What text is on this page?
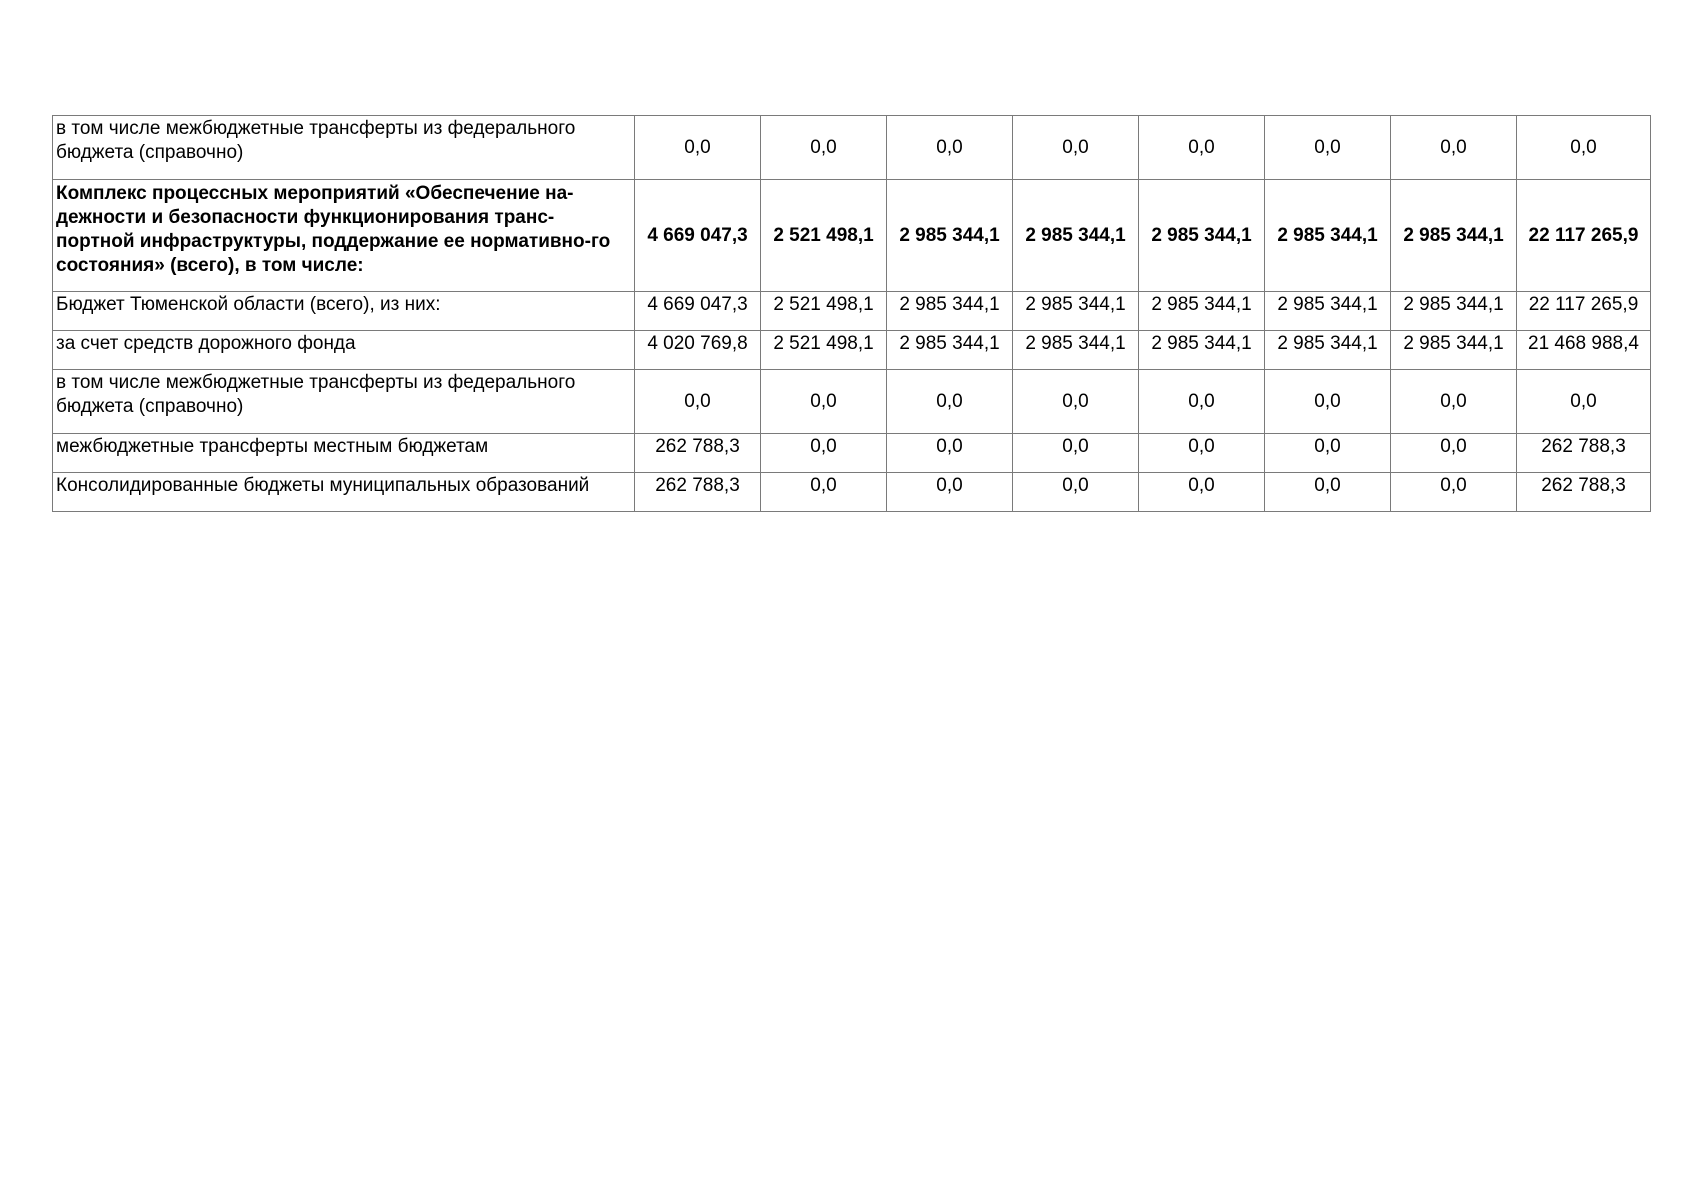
в том числе межбюджетные трансферты из федерального бюджета (справочно)	0,0	0,0	0,0	0,0	0,0	0,0	0,0	0,0
Комплекс процессных мероприятий «Обеспечение на-дежности и безопасности функционирования транс-портной инфраструктуры, поддержание ее нормативно-го состояния» (всего), в том числе:	4 669 047,3	2 521 498,1	2 985 344,1	2 985 344,1	2 985 344,1	2 985 344,1	2 985 344,1	22 117 265,9
Бюджет Тюменской области (всего), из них:	4 669 047,3	2 521 498,1	2 985 344,1	2 985 344,1	2 985 344,1	2 985 344,1	2 985 344,1	22 117 265,9
за счет средств дорожного фонда	4 020 769,8	2 521 498,1	2 985 344,1	2 985 344,1	2 985 344,1	2 985 344,1	2 985 344,1	21 468 988,4
в том числе межбюджетные трансферты из федерального бюджета (справочно)	0,0	0,0	0,0	0,0	0,0	0,0	0,0	0,0
межбюджетные трансферты местным бюджетам	262 788,3	0,0	0,0	0,0	0,0	0,0	0,0	262 788,3
Консолидированные бюджеты муниципальных образований	262 788,3	0,0	0,0	0,0	0,0	0,0	0,0	262 788,3
